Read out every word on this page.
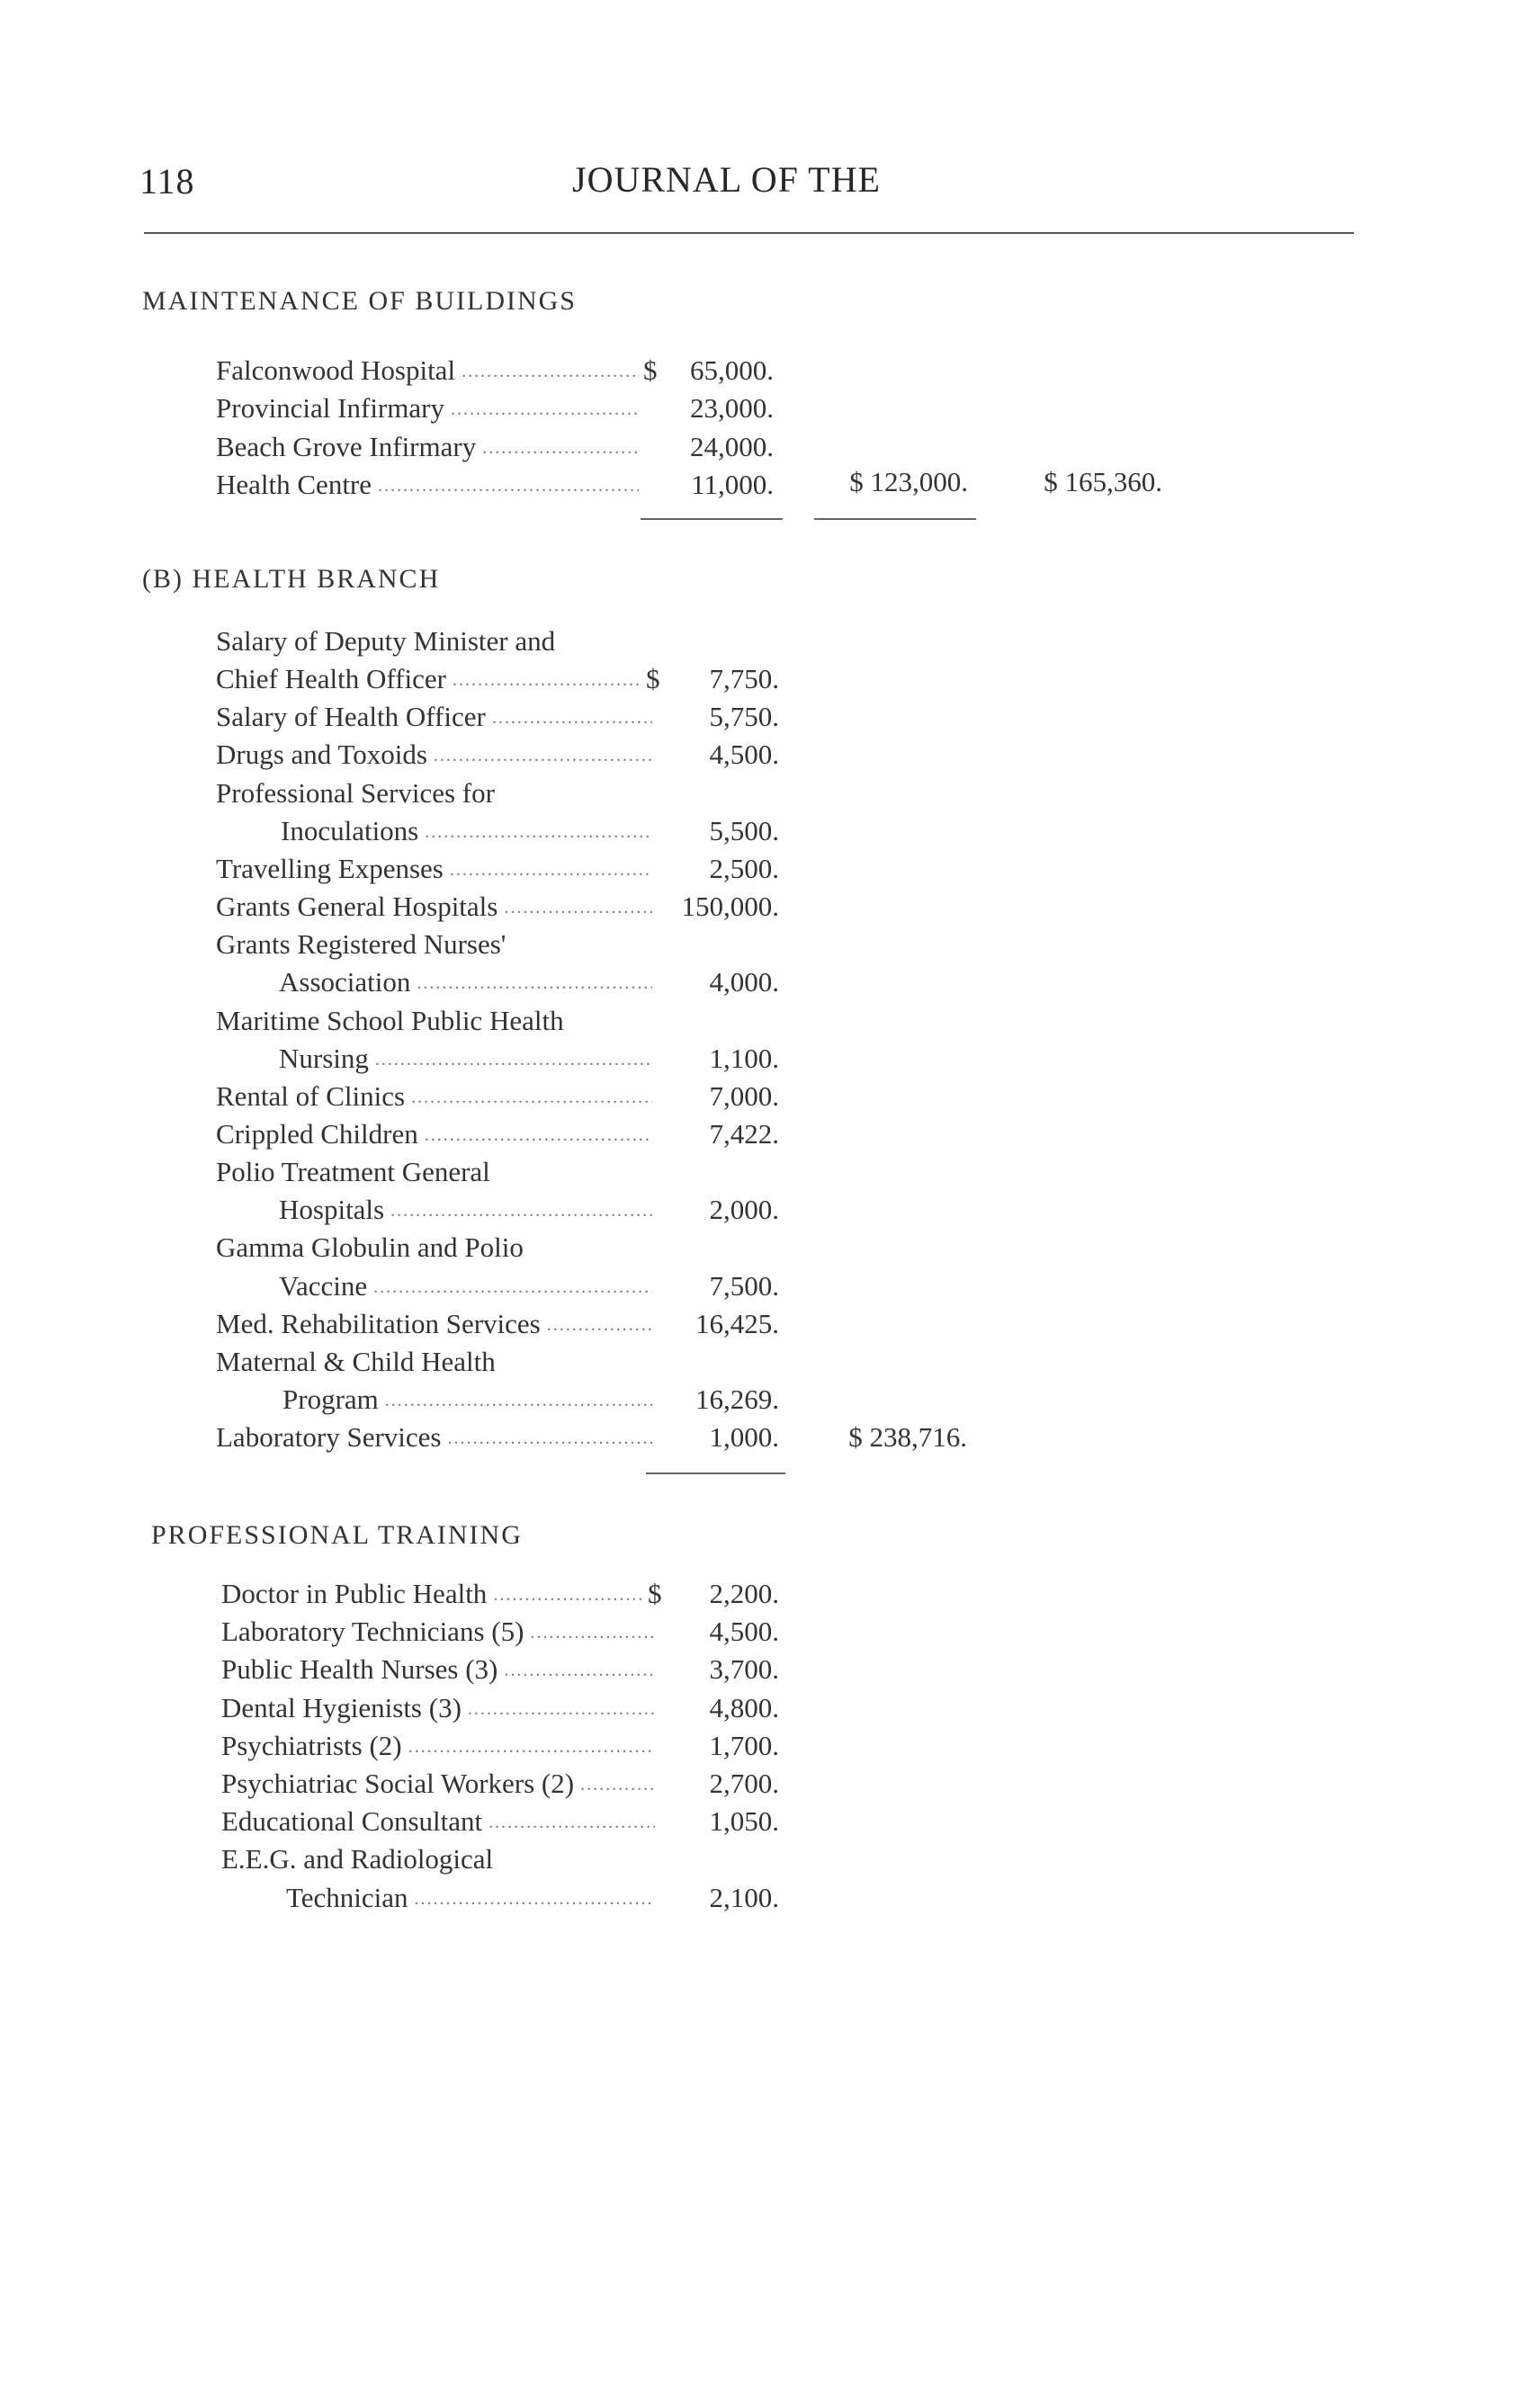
118	JOURNAL OF THE
MAINTENANCE OF BUILDINGS
Falconwood Hospital .....	$	65,000.
Provincial Infirmary .....	23,000.
Beach Grove Infirmary .....	24,000.
Health Centre .....	11,000.	$ 123,000.	$ 165,360.
(B) HEALTH BRANCH
Salary of Deputy Minister and
Chief Health Officer .....	$	7,750.
Salary of Health Officer .....	5,750.
Drugs and Toxoids .....	4,500.
Professional Services for
Inoculations .....	5,500.
Travelling Expenses .....	2,500.
Grants General Hospitals .....	150,000.
Grants Registered Nurses'
Association .....	4,000.
Maritime School Public Health
Nursing .....	1,100.
Rental of Clinics .....	7,000.
Crippled Children .....	7,422.
Polio Treatment General
Hospitals .....	2,000.
Gamma Globulin and Polio
Vaccine .....	7,500.
Med. Rehabilitation Services .....	16,425.
Maternal & Child Health
Program .....	16,269.
Laboratory Services .....	1,000.	$ 238,716.
PROFESSIONAL TRAINING
Doctor in Public Health .....	$	2,200.
Laboratory Technicians (5) .....	4,500.
Public Health Nurses (3) .....	3,700.
Dental Hygienists (3) .....	4,800.
Psychiatrists (2) .....	1,700.
Psychiatriac Social Workers (2) .....	2,700.
Educational Consultant .....	1,050.
E.E.G. and Radiological
Technician .....	2,100.
